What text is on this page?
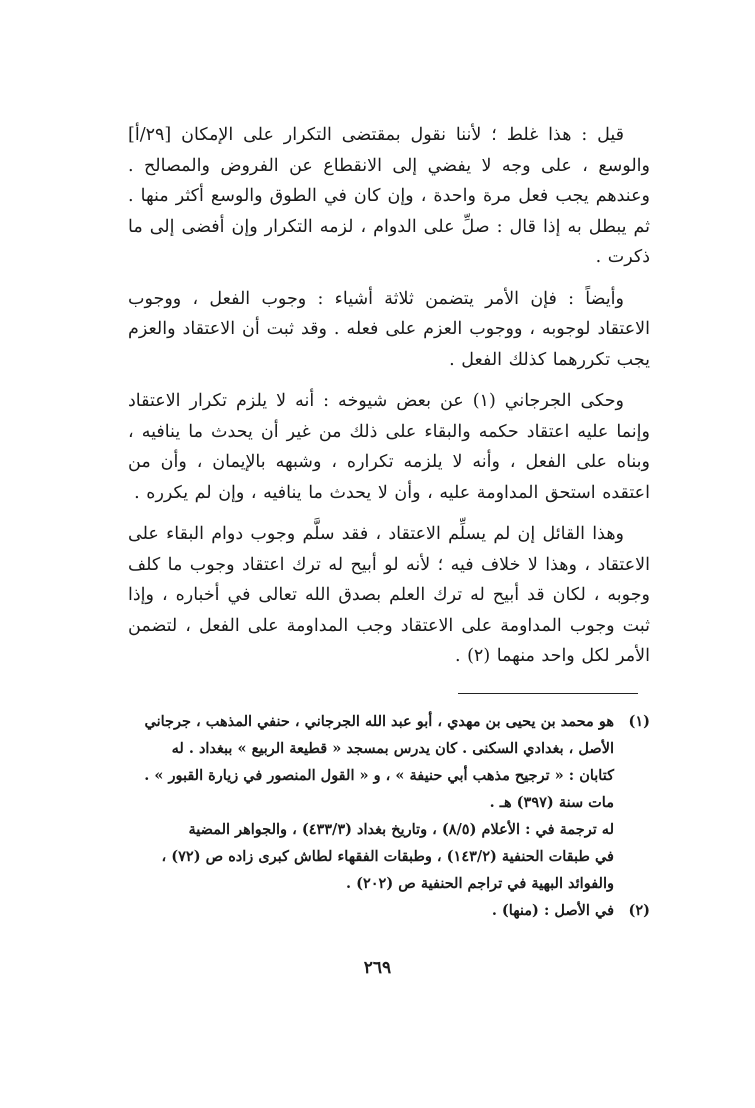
قيل : هذا غلط ؛ لأننا نقول بمقتضى التكرار على الإمكان [٢٩/أ] والوسع ، على وجه لا يفضي إلى الانقطاع عن الفروض والمصالح . وعندهم يجب فعل مرة واحدة ، وإن كان في الطوق والوسع أكثر منها . ثم يبطل به إذا قال : صلِّ على الدوام ، لزمه التكرار وإن أفضى إلى ما ذكرت .

وأيضاً : فإن الأمر يتضمن ثلاثة أشياء : وجوب الفعل ، ووجوب الاعتقاد لوجوبه ، ووجوب العزم على فعله . وقد ثبت أن الاعتقاد والعزم يجب تكررهما كذلك الفعل .

وحكى الجرجاني (١) عن بعض شيوخه : أنه لا يلزم تكرار الاعتقاد وإنما عليه اعتقاد حكمه والبقاء على ذلك من غير أن يحدث ما ينافيه ، وبناه على الفعل ، وأنه لا يلزمه تكراره ، وشبهه بالإيمان ، وأن من اعتقده استحق المداومة عليه ، وأن لا يحدث ما ينافيه ، وإن لم يكرره .

وهذا القائل إن لم يسلِّم الاعتقاد ، فقد سلَّم وجوب دوام البقاء على الاعتقاد ، وهذا لا خلاف فيه ؛ لأنه لو أبيح له ترك اعتقاد وجوب ما كلف وجوبه ، لكان قد أبيح له ترك العلم بصدق الله تعالى في أخباره ، وإذا ثبت وجوب المداومة على الاعتقاد وجب المداومة على الفعل ، لتضمن الأمر لكل واحد منهما (٢) .

(١)
هو محمد بن يحيى بن مهدي ، أبو عبد الله الجرجاني ، حنفي المذهب ، جرجاني
الأصل ، بغدادي السكنى . كان يدرس بمسجد « قطيعة الربيع » ببغداد . له
كتابان : « ترجيح مذهب أبي حنيفة » ، و « القول المنصور في زيارة القبور » .
مات سنة (٣٩٧) هـ .
له ترجمة في : الأعلام (٨/٥) ، وتاريخ بغداد (٤٣٣/٣) ، والجواهر المضية
في طبقات الحنفية (١٤٣/٢) ، وطبقات الفقهاء لطاش كبرى زاده ص (٧٢) ،
والفوائد البهية في تراجم الحنفية ص (٢٠٢) .
(٢)
في الأصل : (منها) .
٢٦٩
